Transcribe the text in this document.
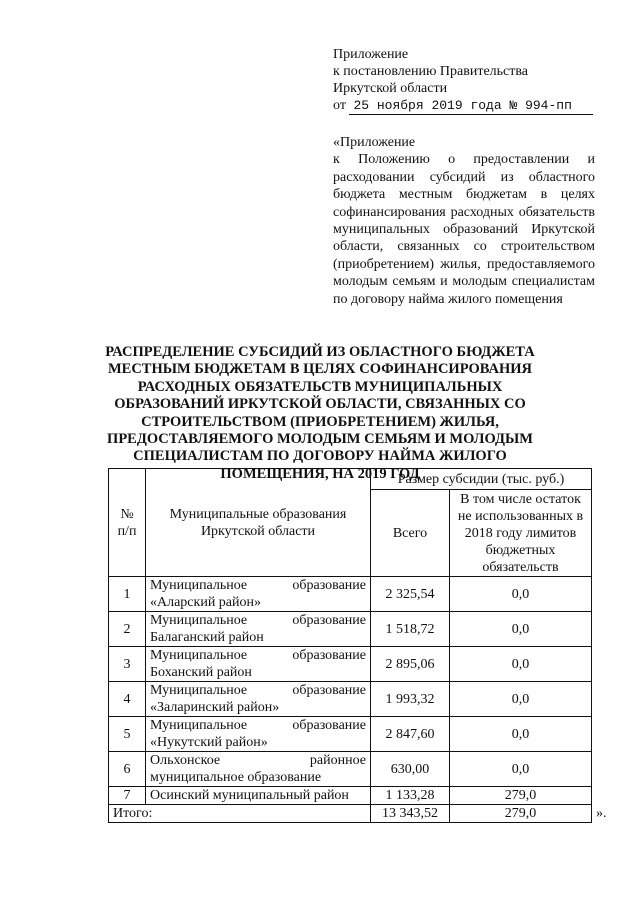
Приложение
к постановлению Правительства
Иркутской области
от 25 ноября 2019 года № 994-пп
«Приложение
к Положению о предоставлении и расходовании субсидий из областного бюджета местным бюджетам в целях софинансирования расходных обязательств муниципальных образований Иркутской области, связанных со строительством (приобретением) жилья, предоставляемого молодым семьям и молодым специалистам по договору найма жилого помещения
РАСПРЕДЕЛЕНИЕ СУБСИДИЙ ИЗ ОБЛАСТНОГО БЮДЖЕТА МЕСТНЫМ БЮДЖЕТАМ В ЦЕЛЯХ СОФИНАНСИРОВАНИЯ РАСХОДНЫХ ОБЯЗАТЕЛЬСТВ МУНИЦИПАЛЬНЫХ ОБРАЗОВАНИЙ ИРКУТСКОЙ ОБЛАСТИ, СВЯЗАННЫХ СО СТРОИТЕЛЬСТВОМ (ПРИОБРЕТЕНИЕМ) ЖИЛЬЯ, ПРЕДОСТАВЛЯЕМОГО МОЛОДЫМ СЕМЬЯМ И МОЛОДЫМ СПЕЦИАЛИСТАМ ПО ДОГОВОРУ НАЙМА ЖИЛОГО ПОМЕЩЕНИЯ, НА 2019 ГОД
№ п/п	Муниципальные образования Иркутской области	Размер субсидии (тыс. руб.)	
		Всего	В том числе остаток не использованных в 2018 году лимитов бюджетных обязательств
1	Муниципальное образование «Аларский район»	2 325,54	0,0
2	Муниципальное образование Балаганский район	1 518,72	0,0
3	Муниципальное образование Боханский район	2 895,06	0,0
4	Муниципальное образование «Заларинский район»	1 993,32	0,0
5	Муниципальное образование «Нукутский район»	2 847,60	0,0
6	Ольхонское районное муниципальное образование	630,00	0,0
7	Осинский муниципальный район	1 133,28	279,0
Итого:		13 343,52	279,0	».
